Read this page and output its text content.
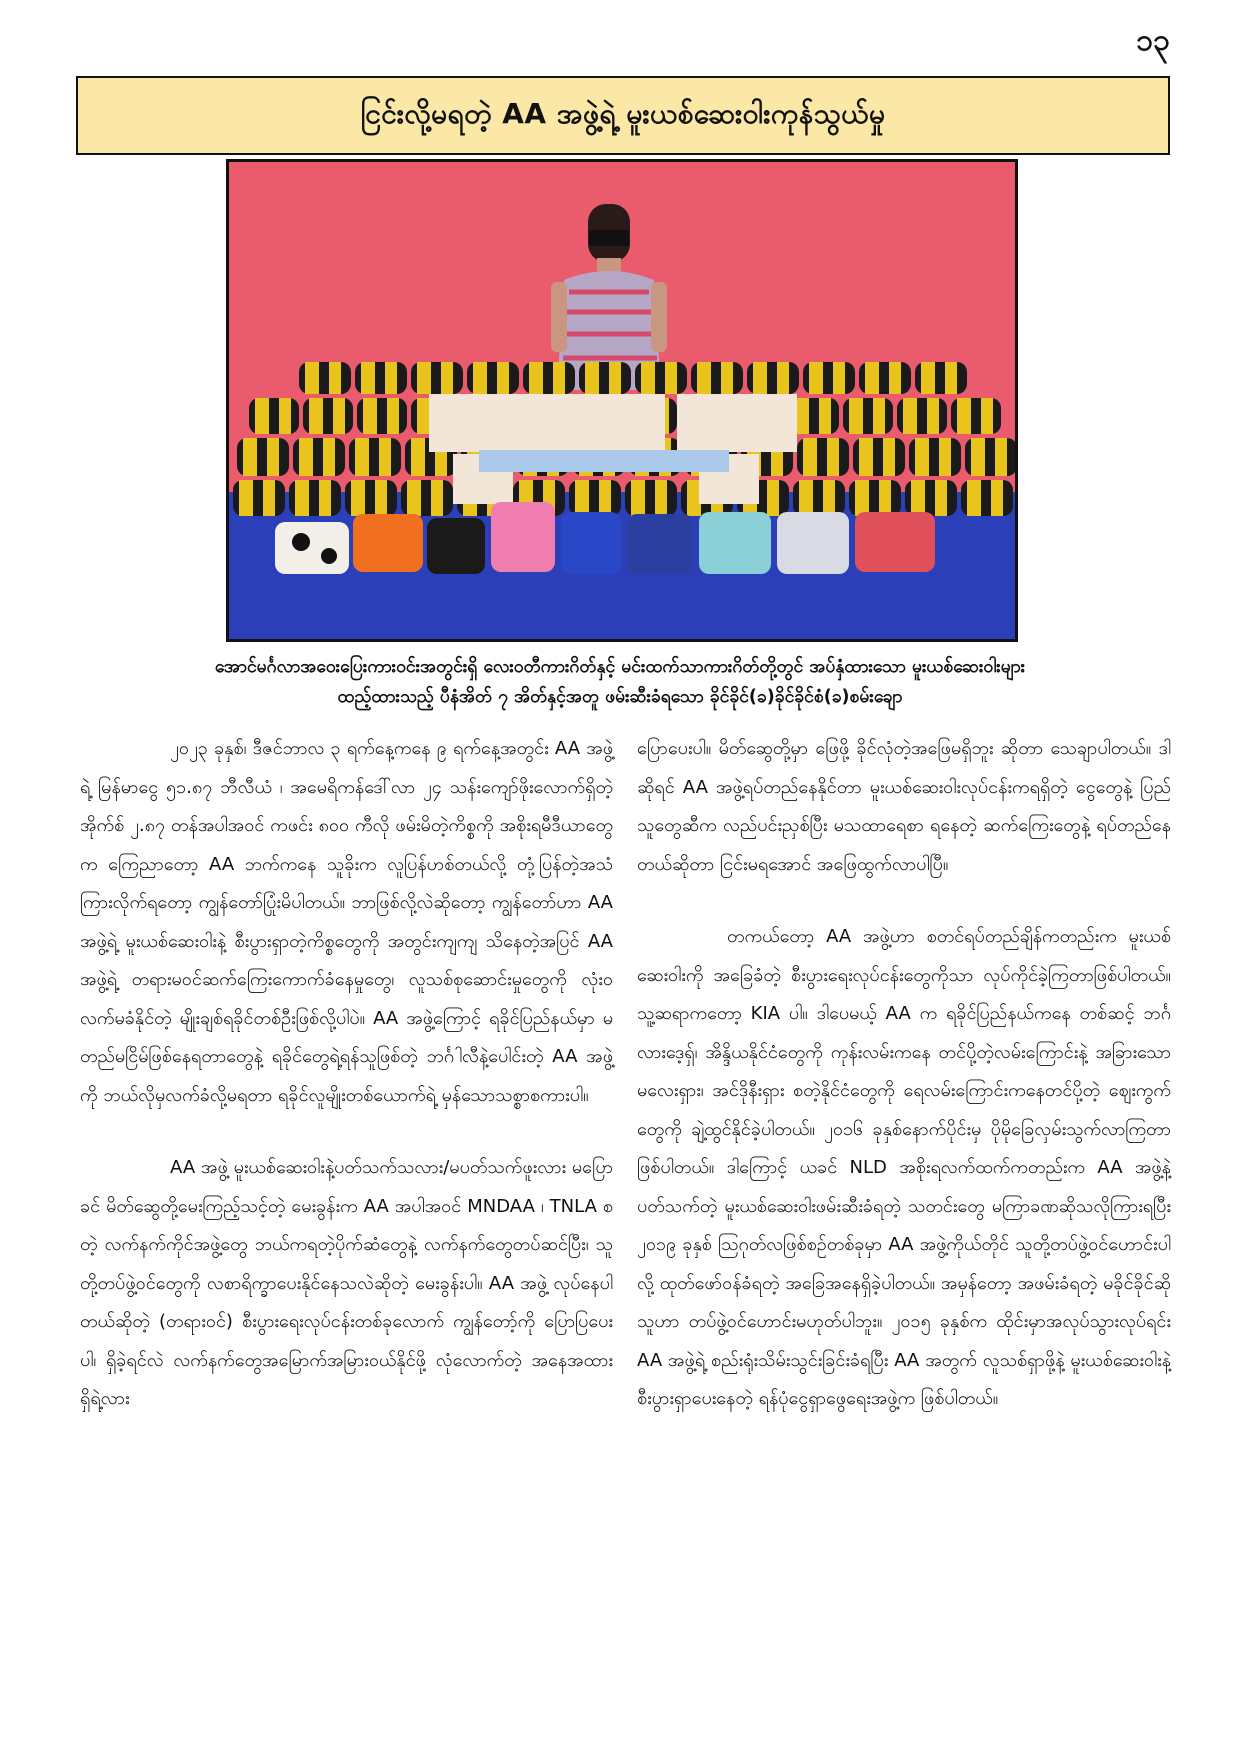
၁၃
ငြင်းလို့မရတဲ့ AA အဖွဲ့ရဲ့ မူးယစ်ဆေးဝါးကုန်သွယ်မှု
အောင်မင်္ဂလာအဝေးပြေးကားဝင်းအတွင်းရှိ လေးဝတီကားဂိတ်နှင့် မင်းထက်သာကားဂိတ်တို့တွင် အပ်နှံထားသော မူးယစ်ဆေးဝါးများ
ထည့်ထားသည့် ပီနံအိတ် ၇ အိတ်နှင့်အတူ ဖမ်းဆီးခံရသော ခိုင်ခိုင်(ခ)ခိုင်ခိုင်စံ(ခ)စမ်းချော

၂၀၂၃ ခုနှစ်၊ ဒီဇင်ဘာလ ၃ ရက်နေ့ကနေ ၉ ရက်နေ့အတွင်း AA အဖွဲ့ရဲ့ မြန်မာငွေ ၅၁.၈၇ ဘီလီယံ ၊ အမေရိကန်ဒေါ်လာ ၂၄ သန်းကျော်ဖိုးလောက်ရှိတဲ့ အိုက်စ် ၂.၈၇ တန်အပါအဝင် ကဖင်း ၈၀၀ ကီလို ဖမ်းမိတဲ့ကိစ္စကို အစိုးရမီဒီယာတွေက ကြေညာတော့ AA ဘက်ကနေ သူခိုးက လူပြန်ဟစ်တယ်လို့ တုံ့ပြန်တဲ့အသံကြားလိုက်ရတော့ ကျွန်တော်ပြုံးမိပါတယ်။ ဘာဖြစ်လို့လဲဆိုတော့ ကျွန်တော်ဟာ AA အဖွဲ့ရဲ့ မူးယစ်ဆေးဝါးနဲ့ စီးပွားရှာတဲ့ကိစ္စတွေကို အတွင်းကျကျ သိနေတဲ့အပြင် AA အဖွဲ့ရဲ့ တရားမဝင်ဆက်ကြေးကောက်ခံနေမှုတွေ၊ လူသစ်စုဆောင်းမှုတွေကို လုံးဝလက်မခံနိုင်တဲ့ မျိုးချစ်ရခိုင်တစ်ဦးဖြစ်လို့ပါပဲ။ AA အဖွဲ့ကြောင့် ရခိုင်ပြည်နယ်မှာ မတည်မငြိမ်ဖြစ်နေရတာတွေနဲ့ ရခိုင်တွေရဲ့ရန်သူဖြစ်တဲ့ ဘင်္ဂါလီနဲ့ပေါင်းတဲ့ AA အဖွဲ့ကို ဘယ်လိုမှလက်ခံလို့မရတာ ရခိုင်လူမျိုးတစ်ယောက်ရဲ့ မှန်သောသစ္စာစကားပါ။

AA အဖွဲ့ မူးယစ်ဆေးဝါးနဲ့ပတ်သက်သလား/မပတ်သက်ဖူးလား မပြောခင် မိတ်ဆွေတို့မေးကြည့်သင့်တဲ့ မေးခွန်းက AA အပါအဝင် MNDAA ၊ TNLA စတဲ့ လက်နက်ကိုင်အဖွဲ့တွေ ဘယ်ကရတဲ့ပိုက်ဆံတွေနဲ့ လက်နက်တွေတပ်ဆင်ပြီး၊ သူတို့တပ်ဖွဲ့ဝင်တွေကို လစာရိက္ခာပေးနိုင်နေသလဲဆိုတဲ့ မေးခွန်းပါ။ AA အဖွဲ့ လုပ်နေပါတယ်ဆိုတဲ့ (တရားဝင်) စီးပွားရေးလုပ်ငန်းတစ်ခုလောက် ကျွန်တော့်ကို ပြောပြပေးပါ၊ ရှိခဲ့ရင်လဲ လက်နက်တွေအမြောက်အမြားဝယ်နိုင်ဖို့ လုံလောက်တဲ့ အနေအထား ရှိရဲ့လား

ပြောပေးပါ။ မိတ်ဆွေတို့မှာ ဖြေဖို့ ခိုင်လုံတဲ့အဖြေမရှိဘူး ဆိုတာ သေချာပါတယ်။ ဒါဆိုရင် AA အဖွဲ့ရပ်တည်နေနိုင်တာ မူးယစ်ဆေးဝါးလုပ်ငန်းကရရှိတဲ့ ငွေတွေနဲ့ ပြည်သူတွေဆီက လည်ပင်းညှစ်ပြီး မသထာရေစာ ရနေတဲ့ ဆက်ကြေးတွေနဲ့ ရပ်တည်နေတယ်ဆိုတာ ငြင်းမရအောင် အဖြေထွက်လာပါပြီ။

တကယ်တော့ AA အဖွဲ့ဟာ စတင်ရပ်တည်ချိန်ကတည်းက မူးယစ်ဆေးဝါးကို အခြေခံတဲ့ စီးပွားရေးလုပ်ငန်းတွေကိုသာ လုပ်ကိုင်ခဲ့ကြတာဖြစ်ပါတယ်။ သူ့ဆရာကတော့ KIA ပါ။ ဒါပေမယ့် AA က ရခိုင်ပြည်နယ်ကနေ တစ်ဆင့် ဘင်္ဂလားဒေ့ရှ်၊ အိန္ဒိယနိုင်ငံတွေကို ကုန်းလမ်းကနေ တင်ပို့တဲ့လမ်းကြောင်းနဲ့ အခြားသော မလေးရှား၊ အင်ဒိုနီးရှား စတဲ့နိုင်ငံတွေကို ရေလမ်းကြောင်းကနေတင်ပို့တဲ့ ဈေးကွက်တွေကို ချဲ့ထွင်နိုင်ခဲ့ပါတယ်။ ၂၀၁၆ ခုနှစ်နောက်ပိုင်းမှ ပိုမိုခြေလှမ်းသွက်လာကြတာဖြစ်ပါတယ်။ ဒါကြောင့် ယခင် NLD အစိုးရလက်ထက်ကတည်းက AA အဖွဲ့နဲ့ ပတ်သက်တဲ့ မူးယစ်ဆေးဝါးဖမ်းဆီးခံရတဲ့ သတင်းတွေ မကြာခဏဆိုသလိုကြားရပြီး ၂၀၁၉ ခုနှစ် ဩဂုတ်လဖြစ်စဉ်တစ်ခုမှာ AA အဖွဲ့ကိုယ်တိုင် သူတို့တပ်ဖွဲ့ဝင်ဟောင်းပါလို့ ထုတ်ဖော်ဝန်ခံရတဲ့ အခြေအနေရှိခဲ့ပါတယ်။ အမှန်တော့ အဖမ်းခံရတဲ့ မခိုင်ခိုင်ဆိုသူဟာ တပ်ဖွဲ့ဝင်ဟောင်းမဟုတ်ပါဘူး။ ၂၀၁၅ ခုနှစ်က ထိုင်းမှာအလုပ်သွားလုပ်ရင်း AA အဖွဲ့ရဲ့ စည်းရုံးသိမ်းသွင်းခြင်းခံရပြီး AA အတွက် လူသစ်ရှာဖို့နဲ့ မူးယစ်ဆေးဝါးနဲ့ စီးပွားရှာပေးနေတဲ့ ရန်ပုံငွေရှာဖွေရေးအဖွဲ့က ဖြစ်ပါတယ်။
